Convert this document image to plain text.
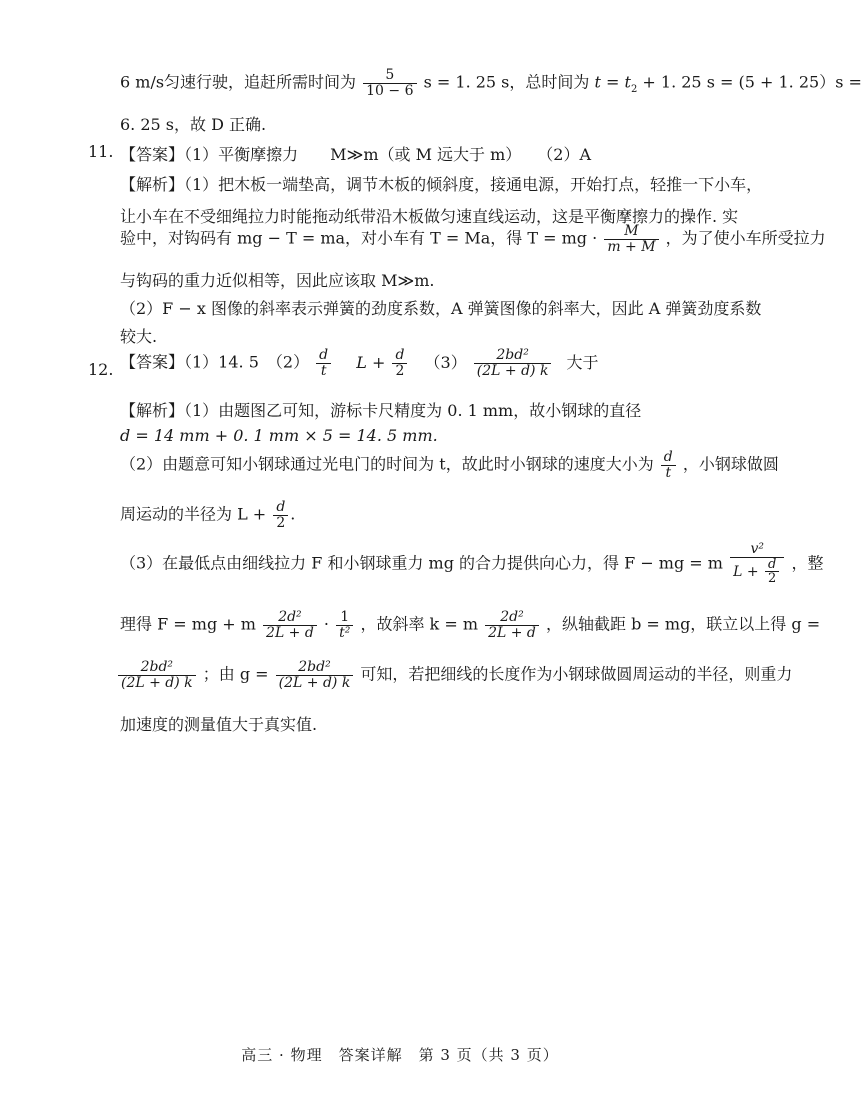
6 m/s匀速行驶，追赶所需时间为 $\frac{5}{10 - 6}$ s = 1. 25 s，总时间为 $t = t_2 + 1$. 25 s = (5 + 1. 25）s =
6. 25 s，故 D 正确.
11. 【答案】（1）平衡摩擦力　　M≫m（或 M 远大于 m）　　（2）A
【解析】（1）把木板一端垫高，调节木板的倾斜度，接通电源，开始打点，轻推一下小车，
让小车在不受细绳拉力时能拖动纸带沿木板做匀速直线运动，这是平衡摩擦力的操作. 实
验中，对钩码有 mg − T = ma，对小车有 T = Ma，得 T = mg · $\frac{M}{m + M}$ ，为了使小车所受拉力
与钩码的重力近似相等，因此应该取 M≫m.
（2）F − x 图像的斜率表示弹簧的劲度系数，A 弹簧图像的斜率大，因此 A 弹簧劲度系数
较大.
12. 【答案】（1）14. 5　$(2) \frac{d}{t}$ $L + \frac{d}{2} (3) \frac{\text{2bd²}}{(2L + d) k}$ 大于
【解析】（1）由题图乙可知，游标卡尺精度为 0. 1 mm，故小钢球的直径
d = 14 mm + 0. 1 mm × 5 = 14. 5 mm.
（2）由题意可知小钢球通过光电门的时间为 t，故此时小钢球的速度大小为 $\frac{d}{t}$ ，小钢球做圆
周运动的半径为 $L + \frac{d}{2}$ .
（3）在最低点由细线拉力 F 和小钢球重力 mg 的合力提供向心力，得 F − mg = m $\frac{\text{v²}}{L + \frac{d}{2}}$ ，整
理得 F = mg + m $\frac{\text{2d²}}{2L + d} \cdot \frac{1}{\text{t²}}$ ，故斜率 k = m $\frac{\text{2d²}}{2L + d}$ ，纵轴截距 b = mg，联立以上得 g =
$\frac{\text{2bd²}}{(2L + d) k}$ ；由 $g = \frac{\text{2bd²}}{(2L + d) k}$ 可知，若把细线的长度作为小钢球做圆周运动的半径，则重力
加速度的测量值大于真实值.
高三 · 物理　答案详解　第 3 页（共 3 页）
